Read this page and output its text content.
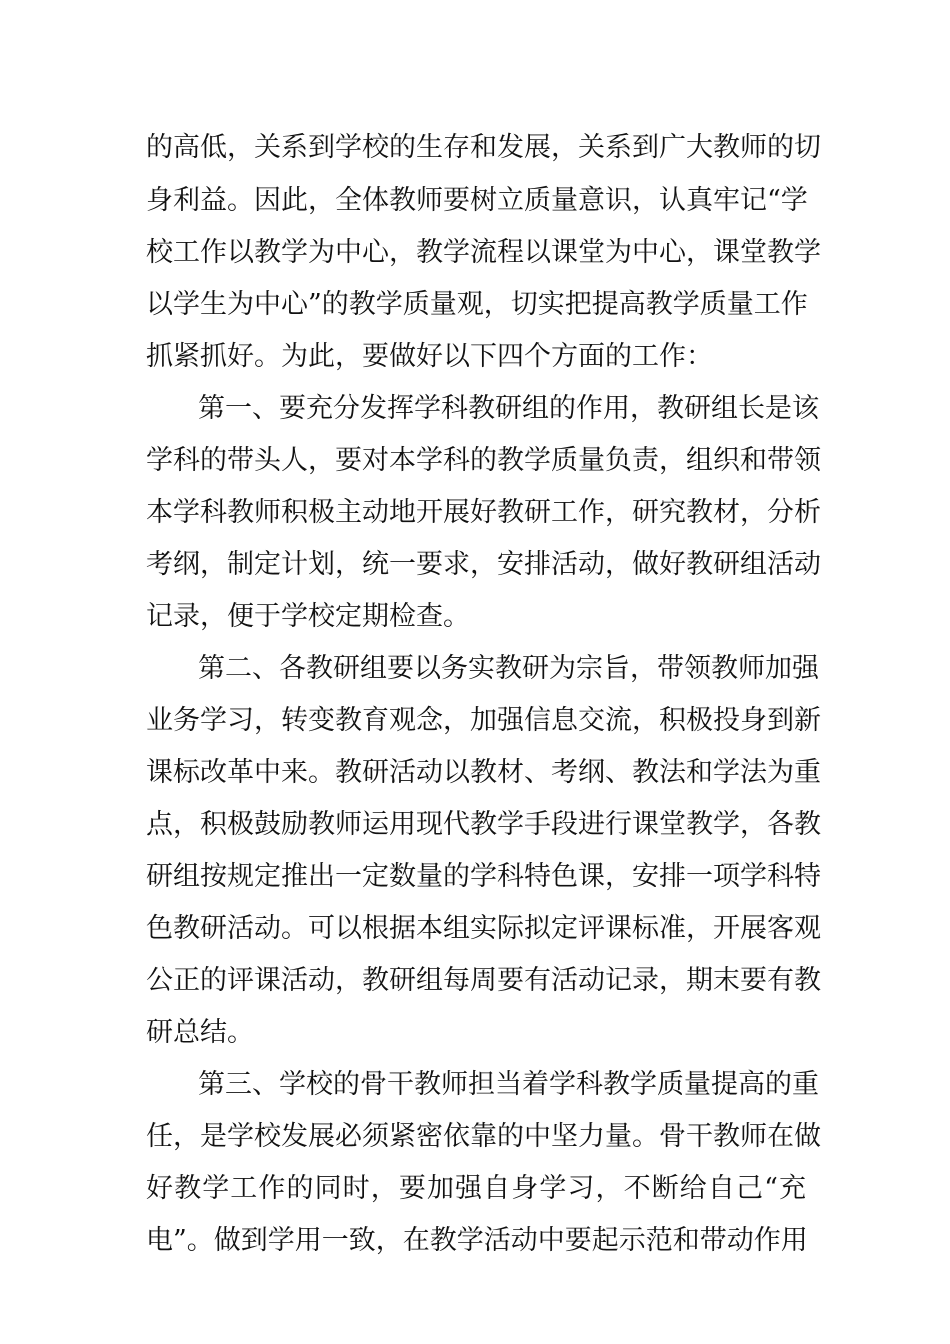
的高低，关系到学校的生存和发展，关系到广大教师的切
身利益。因此，全体教师要树立质量意识，认真牢记“学
校工作以教学为中心，教学流程以课堂为中心，课堂教学
以学生为中心”的教学质量观，切实把提高教学质量工作
抓紧抓好。为此，要做好以下四个方面的工作：
第一、要充分发挥学科教研组的作用，教研组长是该
学科的带头人，要对本学科的教学质量负责，组织和带领
本学科教师积极主动地开展好教研工作，研究教材，分析
考纲，制定计划，统一要求，安排活动，做好教研组活动
记录，便于学校定期检查。
第二、各教研组要以务实教研为宗旨，带领教师加强
业务学习，转变教育观念，加强信息交流，积极投身到新
课标改革中来。教研活动以教材、考纲、教法和学法为重
点，积极鼓励教师运用现代教学手段进行课堂教学，各教
研组按规定推出一定数量的学科特色课，安排一项学科特
色教研活动。可以根据本组实际拟定评课标准，开展客观
公正的评课活动，教研组每周要有活动记录，期末要有教
研总结。
第三、学校的骨干教师担当着学科教学质量提高的重
任，是学校发展必须紧密依靠的中坚力量。骨干教师在做
好教学工作的同时，要加强自身学习，不断给自己“充
电”。做到学用一致，在教学活动中要起示范和带动作用
